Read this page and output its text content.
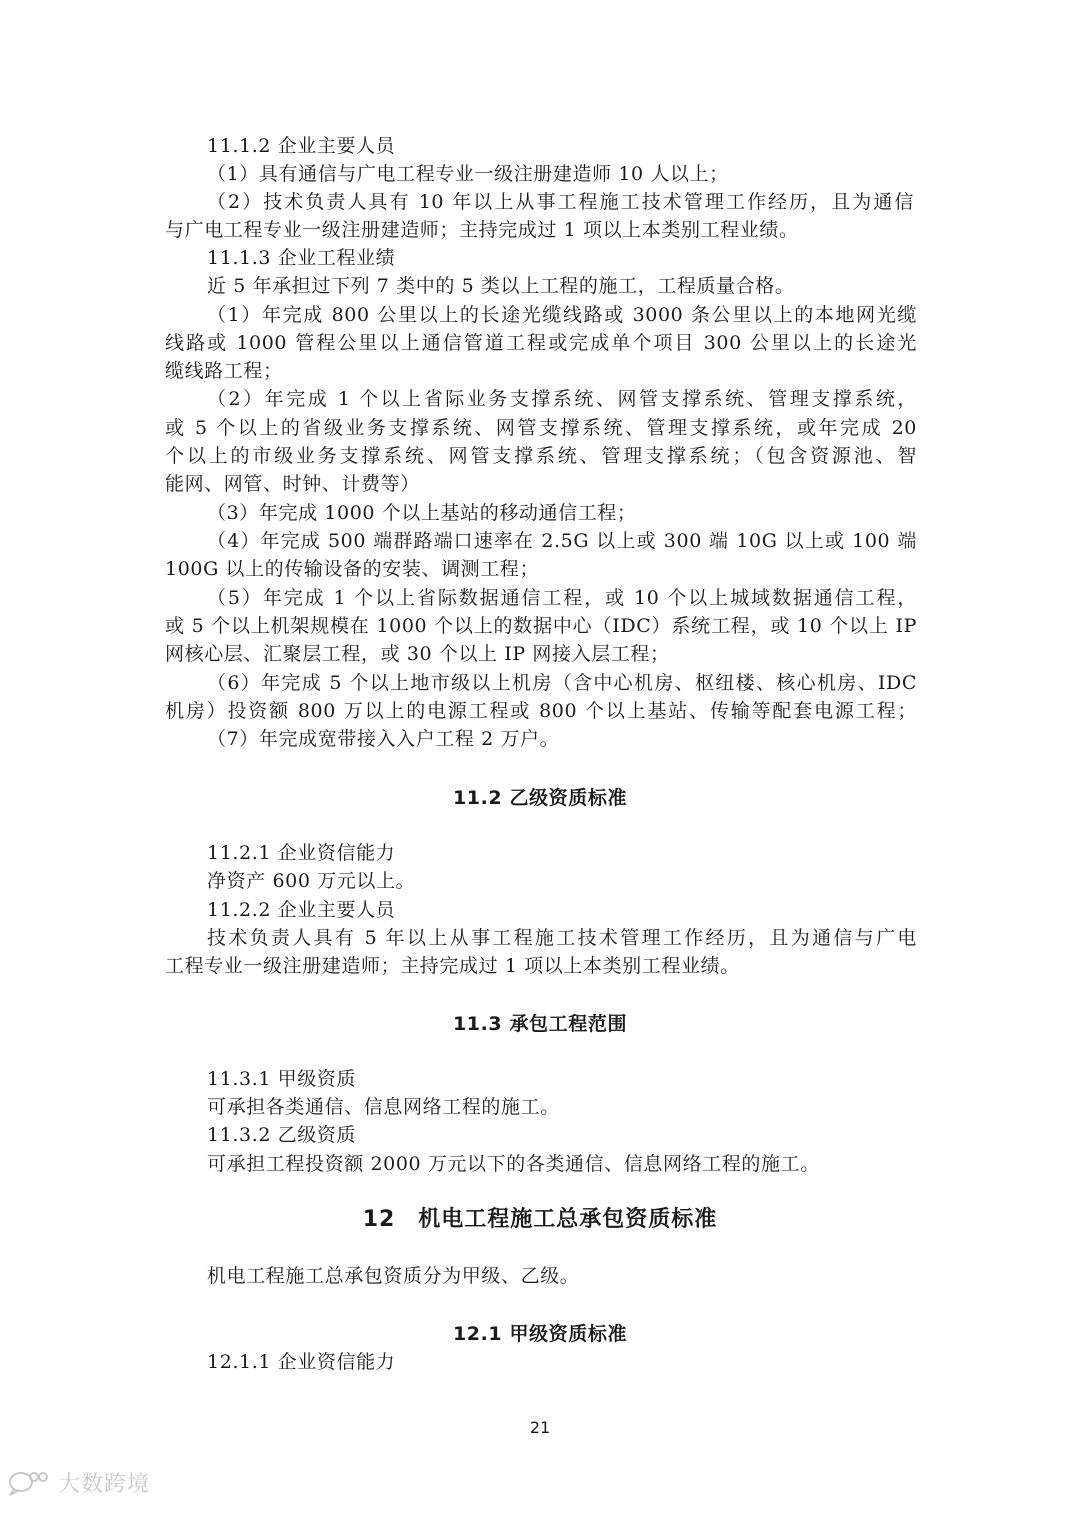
11.1.2 企业主要人员
（1）具有通信与广电工程专业一级注册建造师 10 人以上；
（2）技术负责人具有 10 年以上从事工程施工技术管理工作经历，且为通信
与广电工程专业一级注册建造师；主持完成过 1 项以上本类别工程业绩。
11.1.3 企业工程业绩
近 5 年承担过下列 7 类中的 5 类以上工程的施工，工程质量合格。
（1）年完成 800 公里以上的长途光缆线路或 3000 条公里以上的本地网光缆
线路或 1000 管程公里以上通信管道工程或完成单个项目 300 公里以上的长途光
缆线路工程；
（2）年完成 1 个以上省际业务支撑系统、网管支撑系统、管理支撑系统，
或 5 个以上的省级业务支撑系统、网管支撑系统、管理支撑系统，或年完成 20
个以上的市级业务支撑系统、网管支撑系统、管理支撑系统；（包含资源池、智
能网、网管、时钟、计费等）
（3）年完成 1000 个以上基站的移动通信工程；
（4）年完成 500 端群路端口速率在 2.5G 以上或 300 端 10G 以上或 100 端
100G 以上的传输设备的安装、调测工程；
（5）年完成 1 个以上省际数据通信工程，或 10 个以上城域数据通信工程，
或 5 个以上机架规模在 1000 个以上的数据中心（IDC）系统工程，或 10 个以上 IP
网核心层、汇聚层工程，或 30 个以上 IP 网接入层工程；
（6）年完成 5 个以上地市级以上机房（含中心机房、枢纽楼、核心机房、IDC
机房）投资额 800 万以上的电源工程或 800 个以上基站、传输等配套电源工程；
（7）年完成宽带接入入户工程 2 万户。
11.2 乙级资质标准
11.2.1 企业资信能力
净资产 600 万元以上。
11.2.2 企业主要人员
技术负责人具有 5 年以上从事工程施工技术管理工作经历，且为通信与广电
工程专业一级注册建造师；主持完成过 1 项以上本类别工程业绩。
11.3 承包工程范围
11.3.1 甲级资质
可承担各类通信、信息网络工程的施工。
11.3.2 乙级资质
可承担工程投资额 2000 万元以下的各类通信、信息网络工程的施工。
12　机电工程施工总承包资质标准
机电工程施工总承包资质分为甲级、乙级。
12.1 甲级资质标准
12.1.1 企业资信能力
21
大数跨境
